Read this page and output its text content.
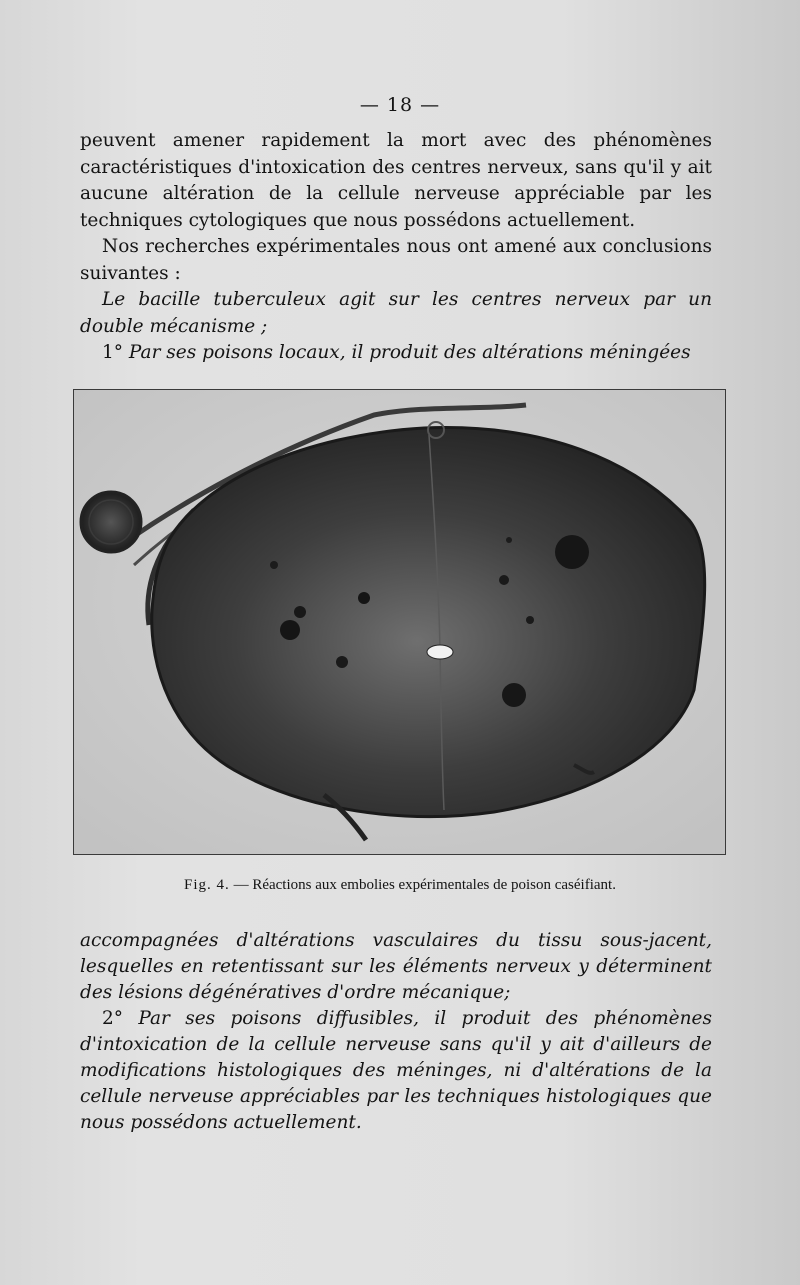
— 18 —

peuvent amener rapidement la mort avec des phénomènes caractéristiques d'intoxication des centres nerveux, sans qu'il y ait aucune altération de la cellule nerveuse appréciable par les techniques cytologiques que nous possédons actuellement.

Nos recherches expérimentales nous ont amené aux conclusions suivantes :

Le bacille tuberculeux agit sur les centres nerveux par un double mécanisme ;

1° Par ses poisons locaux, il produit des altérations méningées

Fig. 4. — Réactions aux embolies expérimentales de poison caséifiant.

accompagnées d'altérations vasculaires du tissu sous-jacent, lesquelles en retentissant sur les éléments nerveux y déterminent des lésions dégénératives d'ordre mécanique;

2° Par ses poisons diffusibles, il produit des phénomènes d'intoxication de la cellule nerveuse sans qu'il y ait d'ailleurs de modifications histologiques des méninges, ni d'altérations de la cellule nerveuse appréciables par les techniques histologiques que nous possédons actuellement.
